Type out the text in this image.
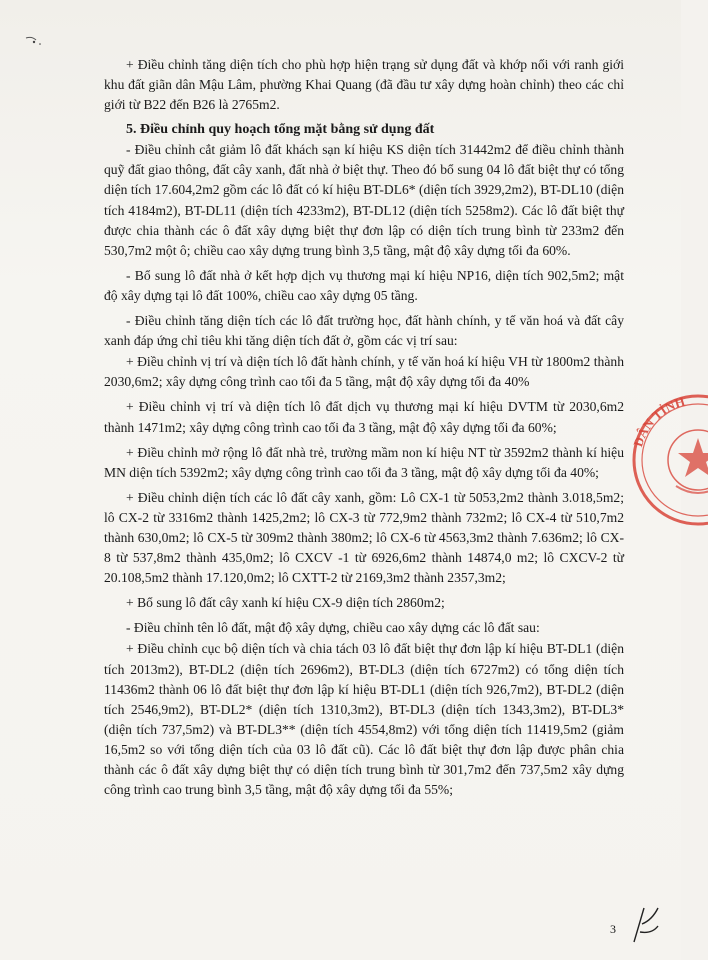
+ Điều chỉnh tăng diện tích cho phù hợp hiện trạng sử dụng đất và khớp nối với ranh giới khu đất giãn dân Mậu Lâm, phường Khai Quang (đã đầu tư xây dựng hoàn chỉnh) theo các chỉ giới từ B22 đến B26 là 2765m2.

5. Điều chỉnh quy hoạch tổng mặt bằng sử dụng đất

- Điều chỉnh cắt giảm lô đất khách sạn kí hiệu KS diện tích 31442m2 để điều chỉnh thành quỹ đất giao thông, đất cây xanh, đất nhà ở biệt thự. Theo đó bổ sung 04 lô đất biệt thự có tổng diện tích 17.604,2m2 gồm các lô đất có kí hiệu BT-DL6* (diện tích 3929,2m2), BT-DL10 (diện tích 4184m2), BT-DL11 (diện tích 4233m2), BT-DL12 (diện tích 5258m2). Các lô đất biệt thự được chia thành các ô đất xây dựng biệt thự đơn lập có diện tích trung bình từ 233m2 đến 530,7m2 một ô; chiều cao xây dựng trung bình 3,5 tầng, mật độ xây dựng tối đa 60%.

- Bổ sung lô đất nhà ở kết hợp dịch vụ thương mại kí hiệu NP16, diện tích 902,5m2; mật độ xây dựng tại lô đất 100%, chiều cao xây dựng 05 tầng.

- Điều chỉnh tăng diện tích các lô đất trường học, đất hành chính, y tế văn hoá và đất cây xanh đáp ứng chỉ tiêu khi tăng diện tích đất ở, gồm các vị trí sau:

+ Điều chỉnh vị trí và diện tích lô đất hành chính, y tế văn hoá kí hiệu VH từ 1800m2 thành 2030,6m2; xây dựng công trình cao tối đa 5 tầng, mật độ xây dựng tối đa 40%

+ Điều chỉnh vị trí và diện tích lô đất dịch vụ thương mại kí hiệu DVTM từ 2030,6m2 thành 1471m2; xây dựng công trình cao tối đa 3 tầng, mật độ xây dựng tối đa 60%;

+ Điều chỉnh mở rộng lô đất nhà trẻ, trường mầm non kí hiệu NT từ 3592m2 thành kí hiệu MN diện tích 5392m2; xây dựng công trình cao tối đa 3 tầng, mật độ xây dựng tối đa 40%;

+ Điều chỉnh diện tích các lô đất cây xanh, gồm: Lô CX-1 từ 5053,2m2 thành 3.018,5m2; lô CX-2 từ 3316m2 thành 1425,2m2; lô CX-3 từ 772,9m2 thành 732m2; lô CX-4 từ 510,7m2 thành 630,0m2; lô CX-5 từ 309m2 thành 380m2; lô CX-6 từ 4563,3m2 thành 7.636m2; lô CX-8 từ 537,8m2 thành 435,0m2; lô CXCV -1 từ 6926,6m2 thành 14874,0 m2; lô CXCV-2 từ 20.108,5m2 thành 17.120,0m2; lô CXTT-2 từ 2169,3m2 thành 2357,3m2;

+ Bổ sung lô đất cây xanh kí hiệu CX-9 diện tích 2860m2;

- Điều chỉnh tên lô đất, mật độ xây dựng, chiều cao xây dựng các lô đất sau:

+ Điều chỉnh cục bộ diện tích và chia tách 03 lô đất biệt thự đơn lập kí hiệu BT-DL1 (diện tích 2013m2), BT-DL2 (diện tích 2696m2), BT-DL3 (diện tích 6727m2) có tổng diện tích 11436m2 thành 06 lô đất biệt thự đơn lập kí hiệu BT-DL1 (diện tích 926,7m2), BT-DL2 (diện tích 2546,9m2), BT-DL2* (diện tích 1310,3m2), BT-DL3 (diện tích 1343,3m2), BT-DL3* (diện tích 737,5m2) và BT-DL3** (diện tích 4554,8m2) với tổng diện tích 11419,5m2 (giảm 16,5m2 so với tổng diện tích của 03 lô đất cũ). Các lô đất biệt thự đơn lập được phân chia thành các ô đất xây dựng biệt thự có diện tích trung bình từ 301,7m2 đến 737,5m2 xây dựng công trình cao trung bình 3,5 tầng, mật độ xây dựng tối đa 55%;

DÂN TỈNH
3
